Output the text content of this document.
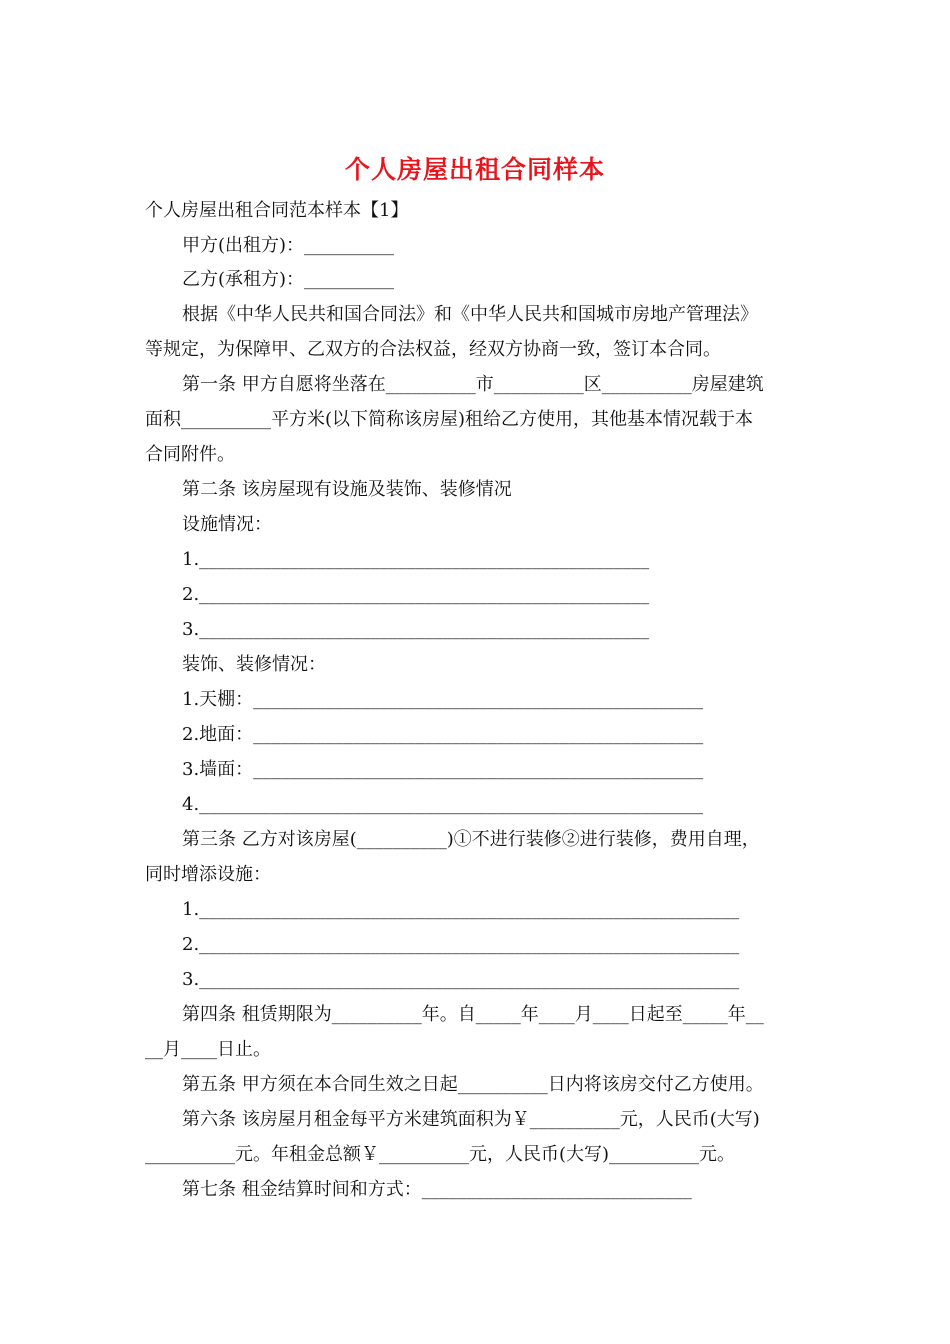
个人房屋出租合同样本
个人房屋出租合同范本样本【1】
甲方(出租方)：__________
乙方(承租方)：__________
根据《中华人民共和国合同法》和《中华人民共和国城市房地产管理法》
等规定，为保障甲、乙双方的合法权益，经双方协商一致，签订本合同。
第一条 甲方自愿将坐落在__________市__________区__________房屋建筑
面积__________平方米(以下简称该房屋)租给乙方使用，其他基本情况载于本
合同附件。
第二条 该房屋现有设施及装饰、装修情况
设施情况：
1.__________________________________________________
2.__________________________________________________
3.__________________________________________________
装饰、装修情况：
1.天棚：__________________________________________________
2.地面：__________________________________________________
3.墙面：__________________________________________________
4.________________________________________________________
第三条 乙方对该房屋(__________)①不进行装修②进行装修，费用自理，
同时增添设施：
1.____________________________________________________________
2.____________________________________________________________
3.____________________________________________________________
第四条 租赁期限为__________年。自_____年____月____日起至_____年__
__月____日止。
第五条 甲方须在本合同生效之日起__________日内将该房交付乙方使用。
第六条 该房屋月租金每平方米建筑面积为￥__________元，人民币(大写)
__________元。年租金总额￥__________元，人民币(大写)__________元。
第七条 租金结算时间和方式：______________________________
